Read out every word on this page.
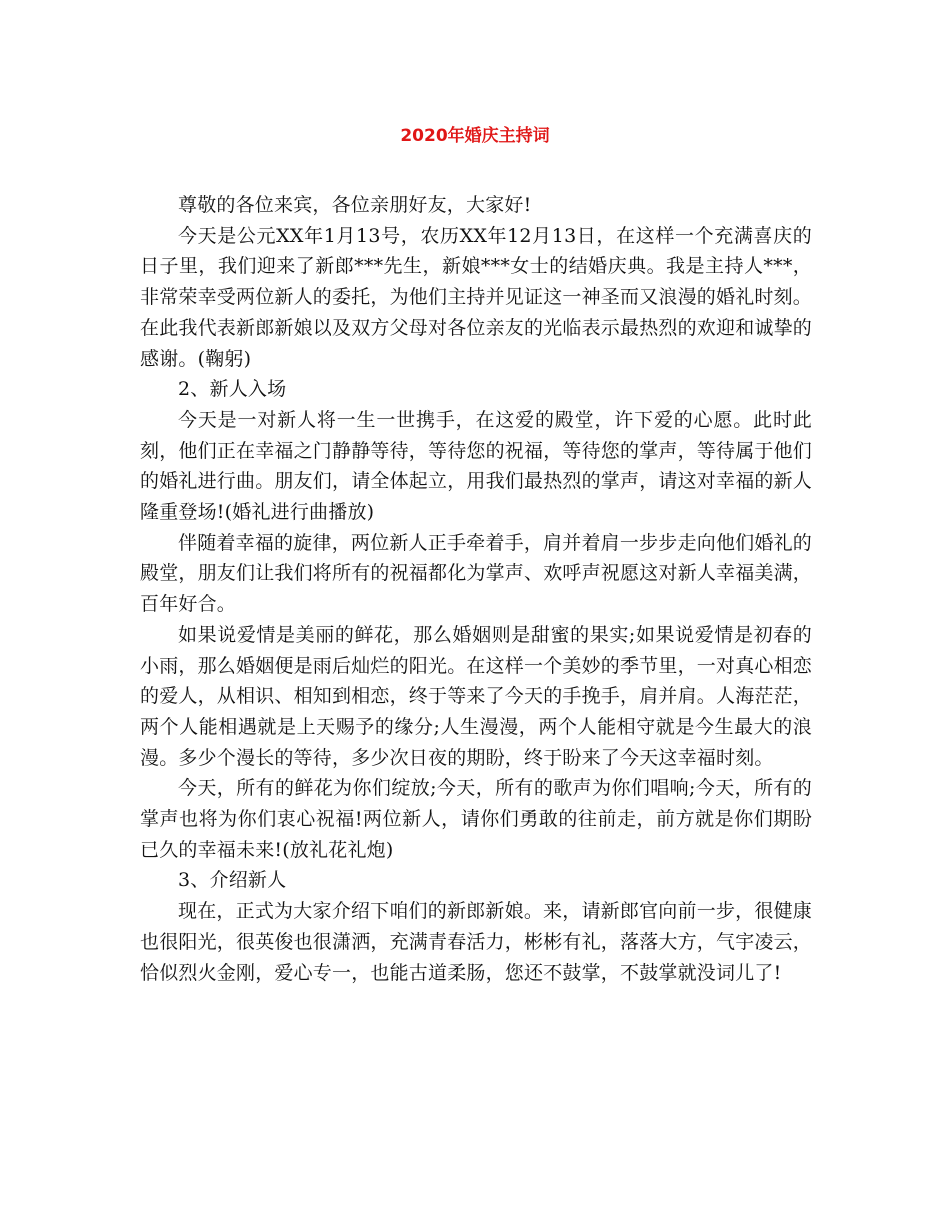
2020年婚庆主持词

尊敬的各位来宾，各位亲朋好友，大家好!

今天是公元XX年1月13号，农历XX年12月13日，在这样一个充满喜庆的日子里，我们迎来了新郎***先生，新娘***女士的结婚庆典。我是主持人***，非常荣幸受两位新人的委托，为他们主持并见证这一神圣而又浪漫的婚礼时刻。在此我代表新郎新娘以及双方父母对各位亲友的光临表示最热烈的欢迎和诚挚的感谢。(鞠躬)

2、新人入场

今天是一对新人将一生一世携手，在这爱的殿堂，许下爱的心愿。此时此刻，他们正在幸福之门静静等待，等待您的祝福，等待您的掌声，等待属于他们的婚礼进行曲。朋友们，请全体起立，用我们最热烈的掌声，请这对幸福的新人隆重登场!(婚礼进行曲播放)

伴随着幸福的旋律，两位新人正手牵着手，肩并着肩一步步走向他们婚礼的殿堂，朋友们让我们将所有的祝福都化为掌声、欢呼声祝愿这对新人幸福美满，百年好合。

如果说爱情是美丽的鲜花，那么婚姻则是甜蜜的果实;如果说爱情是初春的小雨，那么婚姻便是雨后灿烂的阳光。在这样一个美妙的季节里，一对真心相恋的爱人，从相识、相知到相恋，终于等来了今天的手挽手，肩并肩。人海茫茫，两个人能相遇就是上天赐予的缘分;人生漫漫，两个人能相守就是今生最大的浪漫。多少个漫长的等待，多少次日夜的期盼，终于盼来了今天这幸福时刻。

今天，所有的鲜花为你们绽放;今天，所有的歌声为你们唱响;今天，所有的掌声也将为你们衷心祝福!两位新人，请你们勇敢的往前走，前方就是你们期盼已久的幸福未来!(放礼花礼炮)

3、介绍新人

现在，正式为大家介绍下咱们的新郎新娘。来，请新郎官向前一步，很健康也很阳光，很英俊也很潇洒，充满青春活力，彬彬有礼，落落大方，气宇凌云，恰似烈火金刚，爱心专一，也能古道柔肠，您还不鼓掌，不鼓掌就没词儿了!
